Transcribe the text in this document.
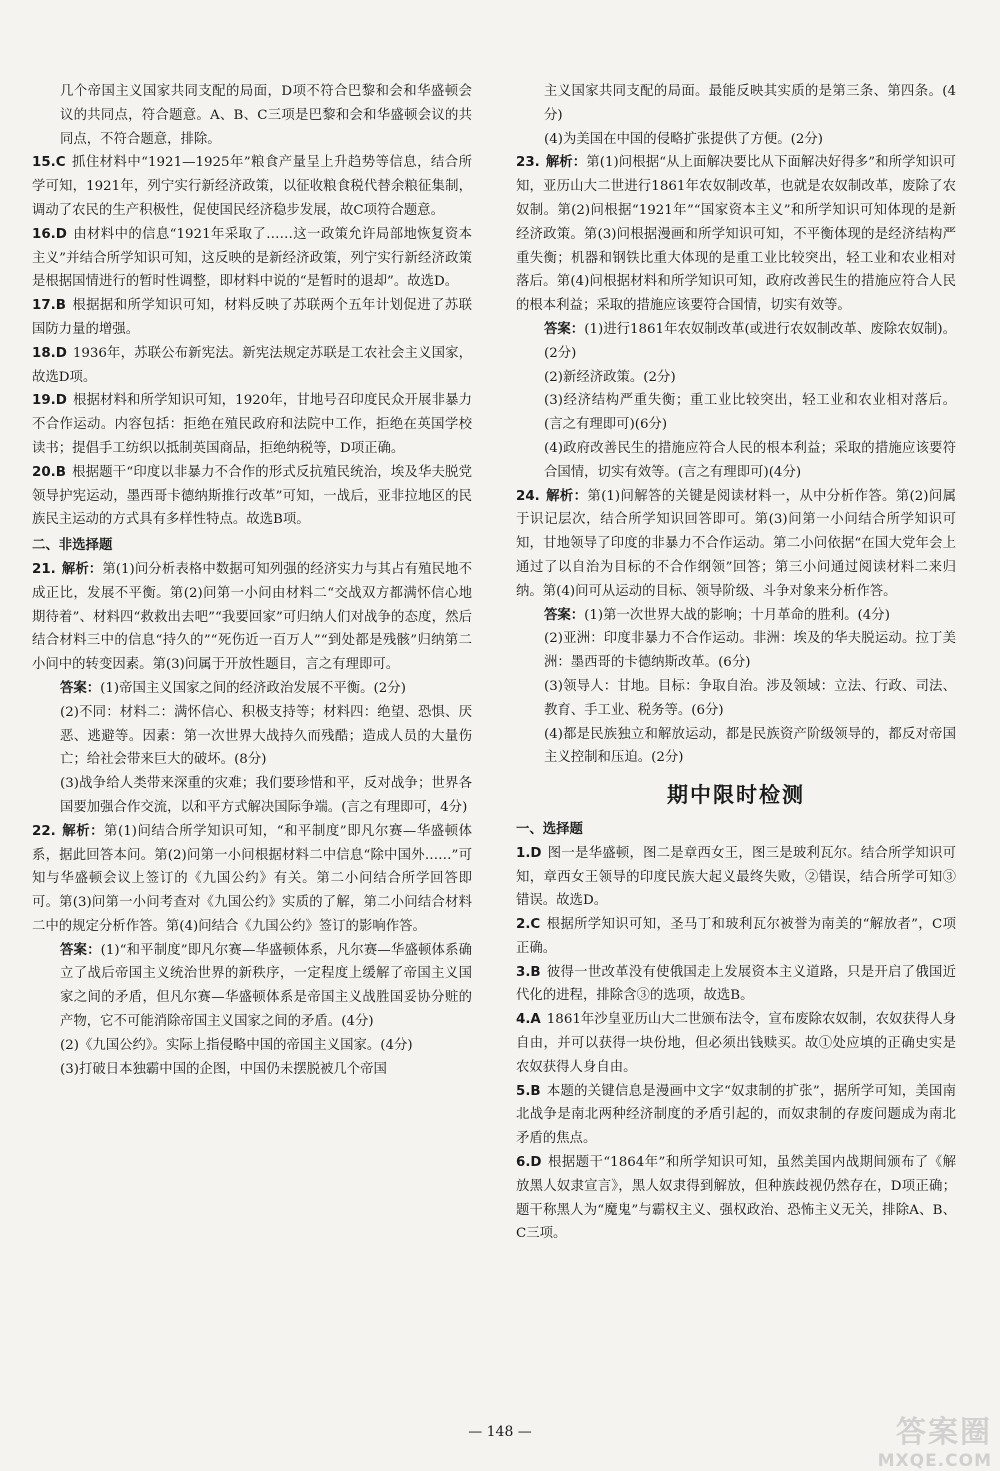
几个帝国主义国家共同支配的局面，D项不符合巴黎和会和华盛顿会议的共同点，符合题意。A、B、C三项是巴黎和会和华盛顿会议的共同点，不符合题意，排除。

15.C 抓住材料中“1921—1925年”粮食产量呈上升趋势等信息，结合所学可知，1921年，列宁实行新经济政策，以征收粮食税代替余粮征集制，调动了农民的生产积极性，促使国民经济稳步发展，故C项符合题意。

16.D 由材料中的信息“1921年采取了……这一政策允许局部地恢复资本主义”并结合所学知识可知，这反映的是新经济政策，列宁实行新经济政策是根据国情进行的暂时性调整，即材料中说的“是暂时的退却”。故选D。

17.B 根据据和所学知识可知，材料反映了苏联两个五年计划促进了苏联国防力量的增强。

18.D 1936年，苏联公布新宪法。新宪法规定苏联是工农社会主义国家，故选D项。

19.D 根据材料和所学知识可知，1920年，甘地号召印度民众开展非暴力不合作运动。内容包括：拒绝在殖民政府和法院中工作，拒绝在英国学校读书；提倡手工纺织以抵制英国商品，拒绝纳税等，D项正确。

20.B 根据题干“印度以非暴力不合作的形式反抗殖民统治，埃及华夫脱党领导护宪运动，墨西哥卡德纳斯推行改革”可知，一战后，亚非拉地区的民族民主运动的方式具有多样性特点。故选B项。

二、非选择题

21. 解析：第(1)问分析表格中数据可知列强的经济实力与其占有殖民地不成正比，发展不平衡。第(2)问第一小问由材料二“交战双方都满怀信心地期待着”、材料四“救救出去吧”“我要回家”可归纳人们对战争的态度，然后结合材料三中的信息“持久的”“死伤近一百万人”“到处都是残骸”归纳第二小问中的转变因素。第(3)问属于开放性题目，言之有理即可。

答案：(1)帝国主义国家之间的经济政治发展不平衡。(2分)

(2)不同：材料二：满怀信心、积极支持等；材料四：绝望、恐惧、厌恶、逃避等。因素：第一次世界大战持久而残酷；造成人员的大量伤亡；给社会带来巨大的破坏。(8分)

(3)战争给人类带来深重的灾难；我们要珍惜和平，反对战争；世界各国要加强合作交流，以和平方式解决国际争端。(言之有理即可，4分)

22. 解析：第(1)问结合所学知识可知，“和平制度”即凡尔赛—华盛顿体系，据此回答本问。第(2)问第一小问根据材料二中信息“除中国外……”可知与华盛顿会议上签订的《九国公约》有关。第二小问结合所学回答即可。第(3)问第一小问考查对《九国公约》实质的了解，第二小问结合材料二中的规定分析作答。第(4)问结合《九国公约》签订的影响作答。

答案：(1)“和平制度”即凡尔赛—华盛顿体系，凡尔赛—华盛顿体系确立了战后帝国主义统治世界的新秩序，一定程度上缓解了帝国主义国家之间的矛盾，但凡尔赛—华盛顿体系是帝国主义战胜国妥协分赃的产物，它不可能消除帝国主义国家之间的矛盾。(4分)

(2)《九国公约》。实际上指侵略中国的帝国主义国家。(4分)

(3)打破日本独霸中国的企图，中国仍未摆脱被几个帝国

主义国家共同支配的局面。最能反映其实质的是第三条、第四条。(4分)

(4)为美国在中国的侵略扩张提供了方便。(2分)

23. 解析：第(1)问根据“从上面解决要比从下面解决好得多”和所学知识可知，亚历山大二世进行1861年农奴制改革，也就是农奴制改革，废除了农奴制。第(2)问根据“1921年”“国家资本主义”和所学知识可知体现的是新经济政策。第(3)问根据漫画和所学知识可知，不平衡体现的是经济结构严重失衡；机器和钢铁比重大体现的是重工业比较突出，轻工业和农业相对落后。第(4)问根据材料和所学知识可知，政府改善民生的措施应符合人民的根本利益；采取的措施应该要符合国情，切实有效等。

答案：(1)进行1861年农奴制改革(或进行农奴制改革、废除农奴制)。(2分)

(2)新经济政策。(2分)

(3)经济结构严重失衡；重工业比较突出，轻工业和农业相对落后。(言之有理即可)(6分)

(4)政府改善民生的措施应符合人民的根本利益；采取的措施应该要符合国情，切实有效等。(言之有理即可)(4分)

24. 解析：第(1)问解答的关键是阅读材料一，从中分析作答。第(2)问属于识记层次，结合所学知识回答即可。第(3)问第一小问结合所学知识可知，甘地领导了印度的非暴力不合作运动。第二小问依据“在国大党年会上通过了以自治为目标的不合作纲领”回答；第三小问通过阅读材料二来归纳。第(4)问可从运动的目标、领导阶级、斗争对象来分析作答。

答案：(1)第一次世界大战的影响；十月革命的胜利。(4分)

(2)亚洲：印度非暴力不合作运动。非洲：埃及的华夫脱运动。拉丁美洲：墨西哥的卡德纳斯改革。(6分)

(3)领导人：甘地。目标：争取自治。涉及领域：立法、行政、司法、教育、手工业、税务等。(6分)

(4)都是民族独立和解放运动，都是民族资产阶级领导的，都反对帝国主义控制和压迫。(2分)

期中限时检测

一、选择题

1.D 图一是华盛顿，图二是章西女王，图三是玻利瓦尔。结合所学知识可知，章西女王领导的印度民族大起义最终失败，②错误，结合所学可知③错误。故选D。

2.C 根据所学知识可知，圣马丁和玻利瓦尔被誉为南美的“解放者”，C项正确。

3.B 彼得一世改革没有使俄国走上发展资本主义道路，只是开启了俄国近代化的进程，排除含③的选项，故选B。

4.A 1861年沙皇亚历山大二世颁布法令，宣布废除农奴制，农奴获得人身自由，并可以获得一块份地，但必须出钱赎买。故①处应填的正确史实是农奴获得人身自由。

5.B 本题的关键信息是漫画中文字“奴隶制的扩张”，据所学可知，美国南北战争是南北两种经济制度的矛盾引起的，而奴隶制的存废问题成为南北矛盾的焦点。

6.D 根据题干“1864年”和所学知识可知，虽然美国内战期间颁布了《解放黑人奴隶宣言》，黑人奴隶得到解放，但种族歧视仍然存在，D项正确；题干称黑人为“魔鬼”与霸权主义、强权政治、恐怖主义无关，排除A、B、C三项。

— 148 —	答案圈
MXQE.COM
